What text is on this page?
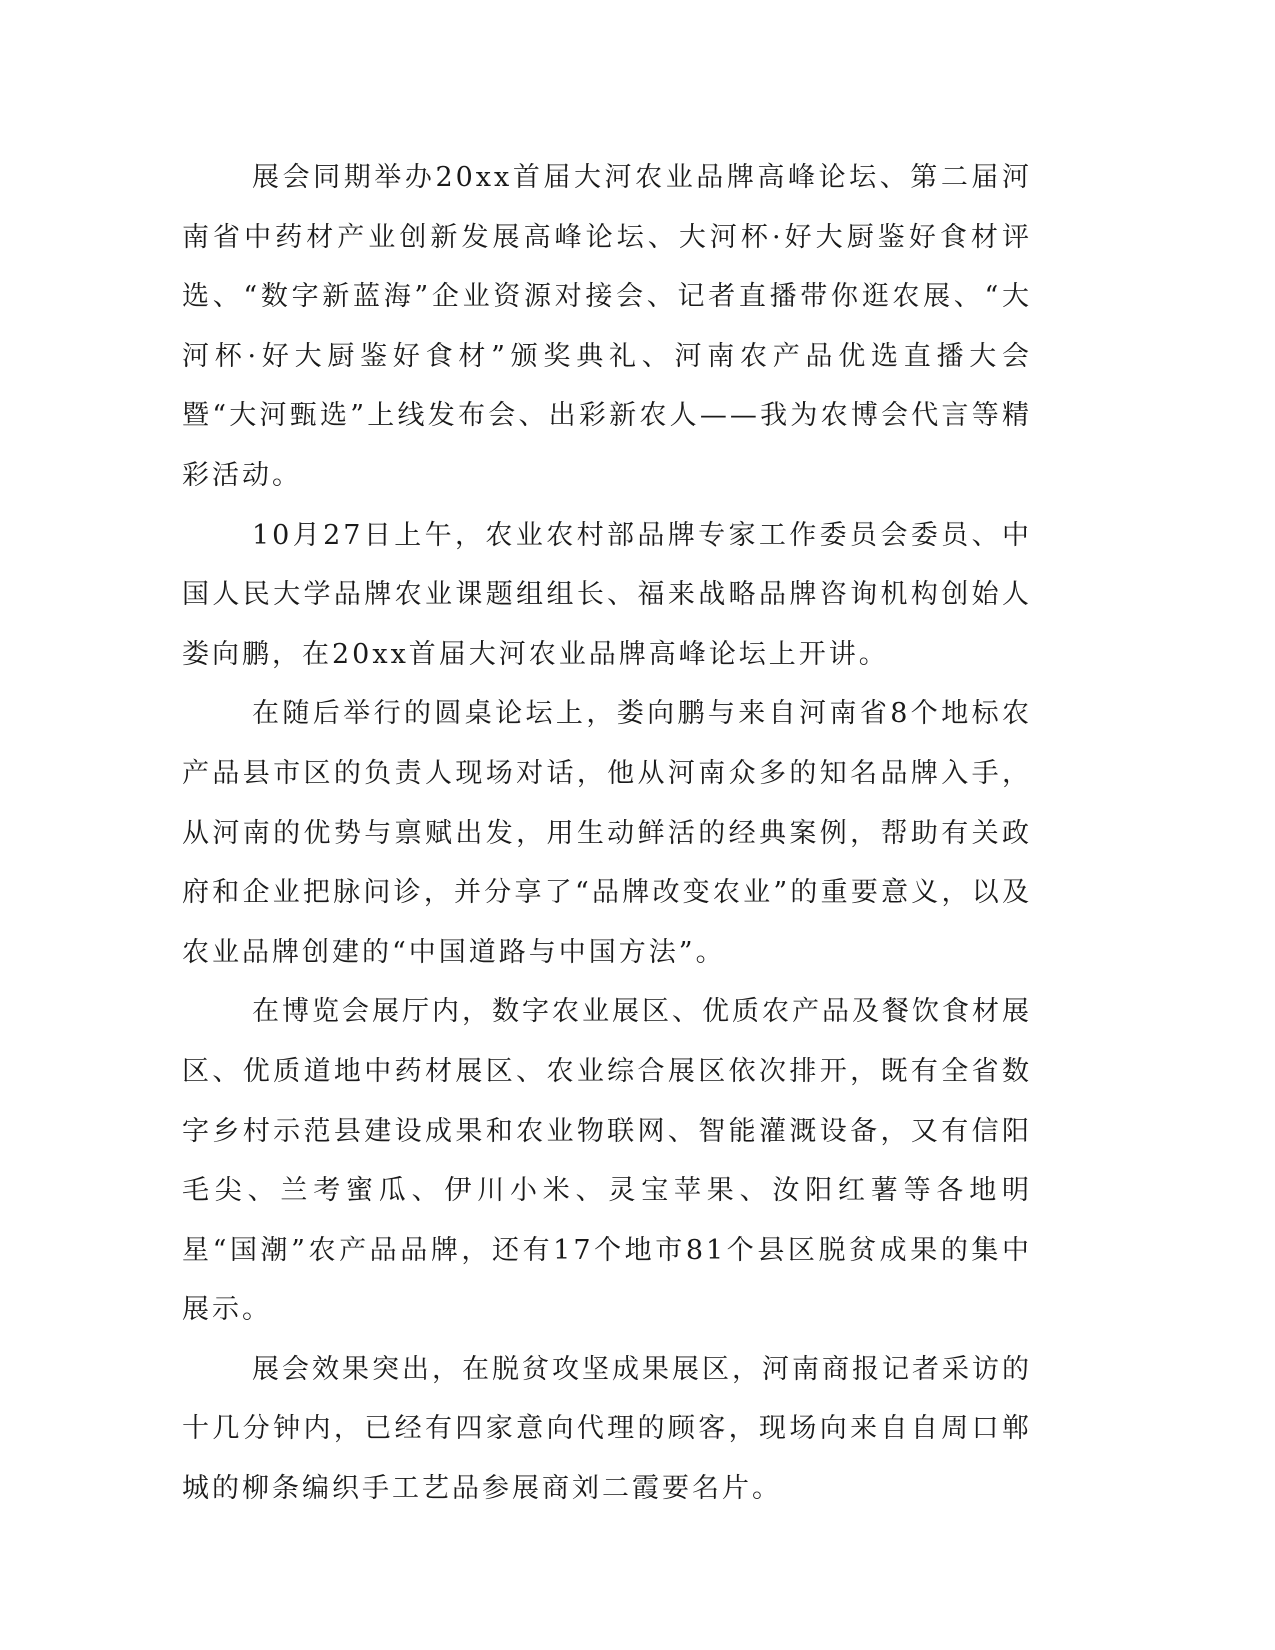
展会同期举办20xx首届大河农业品牌高峰论坛、第二届河南省中药材产业创新发展高峰论坛、大河杯·好大厨鉴好食材评选、“数字新蓝海”企业资源对接会、记者直播带你逛农展、“大河杯·好大厨鉴好食材”颁奖典礼、河南农产品优选直播大会暨“大河甄选”上线发布会、出彩新农人——我为农博会代言等精彩活动。

10月27日上午，农业农村部品牌专家工作委员会委员、中国人民大学品牌农业课题组组长、福来战略品牌咨询机构创始人娄向鹏，在20xx首届大河农业品牌高峰论坛上开讲。

在随后举行的圆桌论坛上，娄向鹏与来自河南省8个地标农产品县市区的负责人现场对话，他从河南众多的知名品牌入手，从河南的优势与禀赋出发，用生动鲜活的经典案例，帮助有关政府和企业把脉问诊，并分享了“品牌改变农业”的重要意义，以及农业品牌创建的“中国道路与中国方法”。

在博览会展厅内，数字农业展区、优质农产品及餐饮食材展区、优质道地中药材展区、农业综合展区依次排开，既有全省数字乡村示范县建设成果和农业物联网、智能灌溉设备，又有信阳毛尖、兰考蜜瓜、伊川小米、灵宝苹果、汝阳红薯等各地明星“国潮”农产品品牌，还有17个地市81个县区脱贫成果的集中展示。

展会效果突出，在脱贫攻坚成果展区，河南商报记者采访的十几分钟内，已经有四家意向代理的顾客，现场向来自自周口郸城的柳条编织手工艺品参展商刘二霞要名片。
